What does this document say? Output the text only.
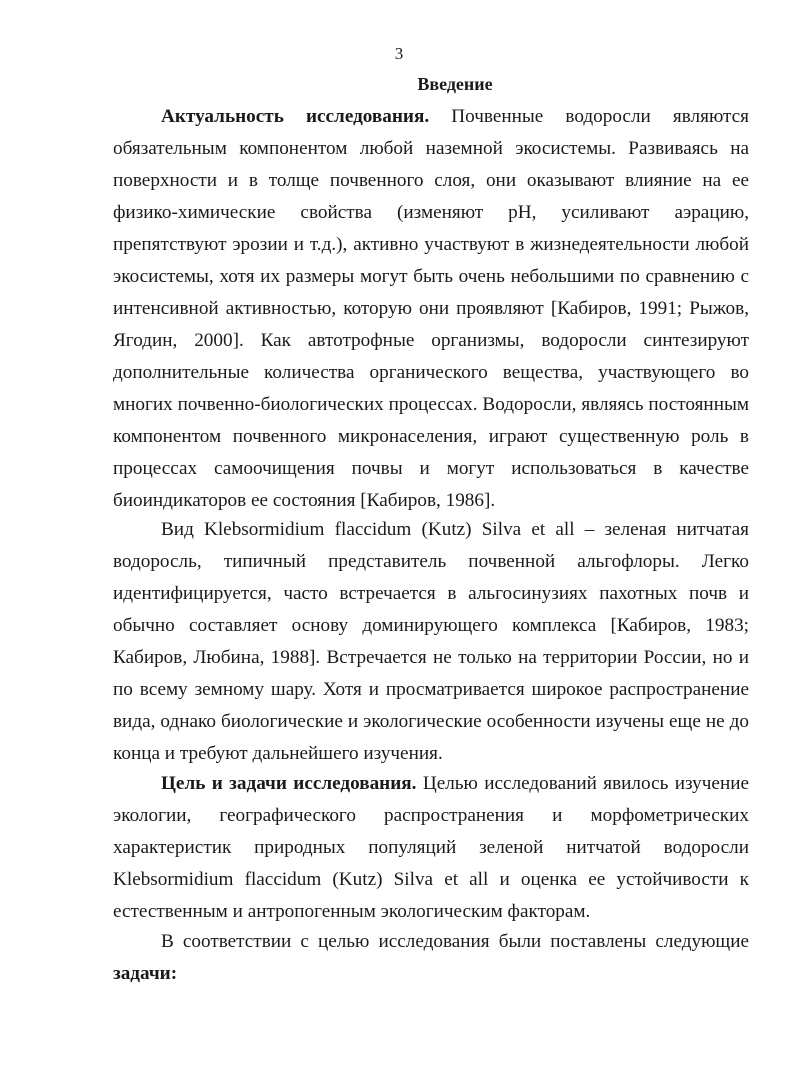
3
Введение
Актуальность исследования. Почвенные водоросли являются
обязательным компонентом любой наземной экосистемы. Развиваясь на
поверхности и в толще почвенного слоя, они оказывают влияние на ее
физико-химические свойства (изменяют pH, усиливают аэрацию,
препятствуют эрозии и т.д.), активно участвуют в жизнедеятельности любой
экосистемы, хотя их размеры могут быть очень небольшими по сравнению с
интенсивной активностью, которую они проявляют [Кабиров, 1991; Рыжов,
Ягодин, 2000]. Как автотрофные организмы, водоросли синтезируют
дополнительные количества органического вещества, участвующего во
многих почвенно-биологических процессах. Водоросли, являясь постоянным
компонентом почвенного микронаселения, играют существенную роль в
процессах самоочищения почвы и могут использоваться в качестве
биоиндикаторов ее состояния [Кабиров, 1986].
Вид Klebsormidium flaccidum (Kutz) Silva et all – зеленая нитчатая
водоросль, типичный представитель почвенной альгофлоры. Легко
идентифицируется, часто встречается в альгосинузиях пахотных почв и
обычно составляет основу доминирующего комплекса [Кабиров, 1983;
Кабиров, Любина, 1988]. Встречается не только на территории России, но и
по всему земному шару. Хотя и просматривается широкое распространение
вида, однако биологические и экологические особенности изучены еще не до
конца и требуют дальнейшего изучения.
Цель и задачи исследования. Целью исследований явилось изучение
экологии, географического распространения и морфометрических
характеристик природных популяций зеленой нитчатой водоросли
Klebsormidium flaccidum (Kutz) Silva et all и оценка ее устойчивости к
естественным и антропогенным экологическим факторам.
В соответствии с целью исследования были поставлены следующие
задачи:
